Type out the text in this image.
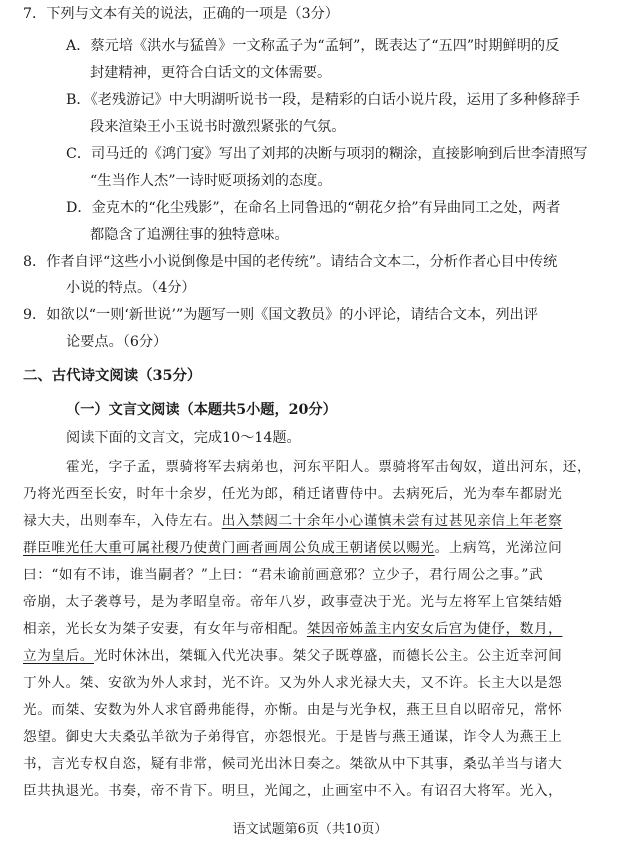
7．下列与文本有关的说法，正确的一项是（3分）
A．蔡元培《洪水与猛兽》一文称孟子为“孟轲”，既表达了“五四”时期鲜明的反
封建精神，更符合白话文的文体需要。
B．《老残游记》中大明湖听说书一段，是精彩的白话小说片段，运用了多种修辞手
段来渲染王小玉说书时激烈紧张的气氛。
C．司马迁的《鸿门宴》写出了刘邦的决断与项羽的糊涂，直接影响到后世李清照写
“生当作人杰”一诗时贬项扬刘的态度。
D．金克木的“化尘残影”，在命名上同鲁迅的“朝花夕拾”有异曲同工之处，两者
都隐含了追溯往事的独特意味。
8．作者自评“这些小小说倒像是中国的老传统”。请结合文本二，分析作者心目中传统
小说的特点。（4分）
9．如欲以“一则‘新世说’”为题写一则《国文教员》的小评论，请结合文本，列出评
论要点。（6分）
二、古代诗文阅读（35分）
（一）文言文阅读（本题共5小题，20分）
阅读下面的文言文，完成10～14题。
霍光，字子孟，票骑将军去病弟也，河东平阳人。票骑将军击匈奴，道出河东，还，
乃将光西至长安，时年十余岁，任光为郎，稍迁诸曹侍中。去病死后，光为奉车都尉光
禄大夫，出则奉车，入侍左右。出入禁闼二十余年小心谨慎未尝有过甚见亲信上年老察
群臣唯光任大重可属社稷乃使黄门画者画周公负成王朝诸侯以赐光。上病笃，光涕泣问
曰：“如有不讳，谁当嗣者？”上曰：“君未谕前画意邪？立少子，君行周公之事。”武
帝崩，太子袭尊号，是为孝昭皇帝。帝年八岁，政事壹决于光。光与左将军上官桀结婚
相亲，光长女为桀子安妻，有女年与帝相配。桀因帝姊盖主内安女后宫为倢伃，数月，
立为皇后。光时休沐出，桀辄入代光决事。桀父子既尊盛，而德长公主。公主近幸河间
丁外人。桀、安欲为外人求封，光不许。又为外人求光禄大夫，又不许。长主大以是怨
光。而桀、安数为外人求官爵弗能得，亦惭。由是与光争权，燕王旦自以昭帝兄，常怀
怨望。御史大夫桑弘羊欲为子弟得官，亦怨恨光。于是皆与燕王通谋，诈令人为燕王上
书，言光专权自恣，疑有非常，候司光出沐日奏之。桀欲从中下其事，桑弘羊当与诸大
臣共执退光。书奏，帝不肯下。明旦，光闻之，止画室中不入。有诏召大将军。光入，
语文试题第6页（共10页）
